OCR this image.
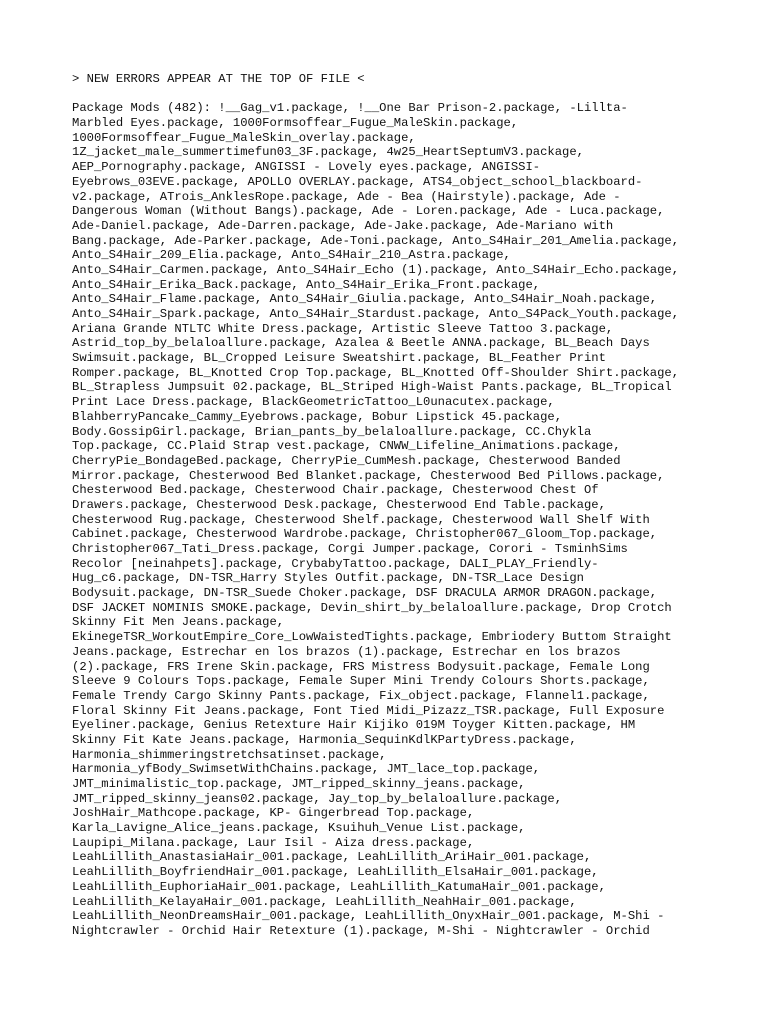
> NEW ERRORS APPEAR AT THE TOP OF FILE <
Package Mods (482): !__Gag_v1.package, !__One Bar Prison-2.package, -Lillta-
Marbled Eyes.package, 1000Formsoffear_Fugue_MaleSkin.package,
1000Formsoffear_Fugue_MaleSkin_overlay.package,
1Z_jacket_male_summertimefun03_3F.package, 4w25_HeartSeptumV3.package,
AEP_Pornography.package, ANGISSI - Lovely eyes.package, ANGISSI-
Eyebrows_03EVE.package, APOLLO OVERLAY.package, ATS4_object_school_blackboard-
v2.package, ATrois_AnklesRope.package, Ade - Bea (Hairstyle).package, Ade -
Dangerous Woman (Without Bangs).package, Ade - Loren.package, Ade - Luca.package,
Ade-Daniel.package, Ade-Darren.package, Ade-Jake.package, Ade-Mariano with
Bang.package, Ade-Parker.package, Ade-Toni.package, Anto_S4Hair_201_Amelia.package,
Anto_S4Hair_209_Elia.package, Anto_S4Hair_210_Astra.package,
Anto_S4Hair_Carmen.package, Anto_S4Hair_Echo (1).package, Anto_S4Hair_Echo.package,
Anto_S4Hair_Erika_Back.package, Anto_S4Hair_Erika_Front.package,
Anto_S4Hair_Flame.package, Anto_S4Hair_Giulia.package, Anto_S4Hair_Noah.package,
Anto_S4Hair_Spark.package, Anto_S4Hair_Stardust.package, Anto_S4Pack_Youth.package,
Ariana Grande NTLTC White Dress.package, Artistic Sleeve Tattoo 3.package,
Astrid_top_by_belaloallure.package, Azalea & Beetle ANNA.package, BL_Beach Days
Swimsuit.package, BL_Cropped Leisure Sweatshirt.package, BL_Feather Print
Romper.package, BL_Knotted Crop Top.package, BL_Knotted Off-Shoulder Shirt.package,
BL_Strapless Jumpsuit 02.package, BL_Striped High-Waist Pants.package, BL_Tropical
Print Lace Dress.package, BlackGeometricTattoo_L0unacutex.package,
BlahberryPancake_Cammy_Eyebrows.package, Bobur Lipstick 45.package,
Body.GossipGirl.package, Brian_pants_by_belaloallure.package, CC.Chykla
Top.package, CC.Plaid Strap vest.package, CNWW_Lifeline_Animations.package,
CherryPie_BondageBed.package, CherryPie_CumMesh.package, Chesterwood Banded
Mirror.package, Chesterwood Bed Blanket.package, Chesterwood Bed Pillows.package,
Chesterwood Bed.package, Chesterwood Chair.package, Chesterwood Chest Of
Drawers.package, Chesterwood Desk.package, Chesterwood End Table.package,
Chesterwood Rug.package, Chesterwood Shelf.package, Chesterwood Wall Shelf With
Cabinet.package, Chesterwood Wardrobe.package, Christopher067_Gloom_Top.package,
Christopher067_Tati_Dress.package, Corgi Jumper.package, Corori - TsminhSims
Recolor [neinahpets].package, CrybabyTattoo.package, DALI_PLAY_Friendly-
Hug_c6.package, DN-TSR_Harry Styles Outfit.package, DN-TSR_Lace Design
Bodysuit.package, DN-TSR_Suede Choker.package, DSF DRACULA ARMOR DRAGON.package,
DSF JACKET NOMINIS SMOKE.package, Devin_shirt_by_belaloallure.package, Drop Crotch
Skinny Fit Men Jeans.package,
EkinegeTSR_WorkoutEmpire_Core_LowWaistedTights.package, Embriodery Buttom Straight
Jeans.package, Estrechar en los brazos (1).package, Estrechar en los brazos
(2).package, FRS Irene Skin.package, FRS Mistress Bodysuit.package, Female Long
Sleeve 9 Colours Tops.package, Female Super Mini Trendy Colours Shorts.package,
Female Trendy Cargo Skinny Pants.package, Fix_object.package, Flannel1.package,
Floral Skinny Fit Jeans.package, Font Tied Midi_Pizazz_TSR.package, Full Exposure
Eyeliner.package, Genius Retexture Hair Kijiko 019M Toyger Kitten.package, HM
Skinny Fit Kate Jeans.package, Harmonia_SequinKdlKPartyDress.package,
Harmonia_shimmeringstretchsatinset.package,
Harmonia_yfBody_SwimsetWithChains.package, JMT_lace_top.package,
JMT_minimalistic_top.package, JMT_ripped_skinny_jeans.package,
JMT_ripped_skinny_jeans02.package, Jay_top_by_belaloallure.package,
JoshHair_Mathcope.package, KP- Gingerbread Top.package,
Karla_Lavigne_Alice_jeans.package, Ksuihuh_Venue List.package,
Laupipi_Milana.package, Laur Isil - Aiza dress.package,
LeahLillith_AnastasiaHair_001.package, LeahLillith_AriHair_001.package,
LeahLillith_BoyfriendHair_001.package, LeahLillith_ElsaHair_001.package,
LeahLillith_EuphoriaHair_001.package, LeahLillith_KatumaHair_001.package,
LeahLillith_KelayaHair_001.package, LeahLillith_NeahHair_001.package,
LeahLillith_NeonDreamsHair_001.package, LeahLillith_OnyxHair_001.package, M-Shi -
Nightcrawler - Orchid Hair Retexture (1).package, M-Shi - Nightcrawler - Orchid
